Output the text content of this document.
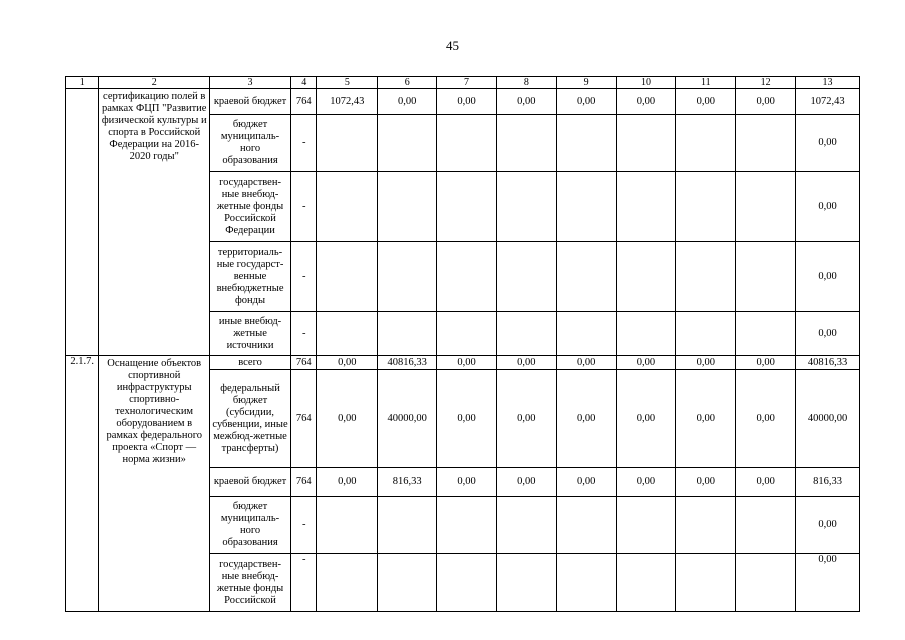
45
1	2	3	4	5	6	7	8	9	10	11	12	13
	сертификацию полей в рамках ФЦП "Развитие физической культуры и спорта в Российской Федерации на 2016-2020 годы"	краевой бюджет	764	1072,43	0,00	0,00	0,00	0,00	0,00	0,00	0,00	1072,43
		бюджет муниципаль-ного образования	-									0,00
		государствен-ные внебюд-жетные фонды Российской Федерации	-									0,00
		территориаль-ные государст-венные внебюджетные фонды	-									0,00
		иные внебюд-жетные источники	-									0,00
2.1.7.	Оснащение объектов спортивной инфраструктуры спортивно-технологическим оборудованием в рамках федерального проекта «Спорт — норма жизни»	всего	764	0,00	40816,33	0,00	0,00	0,00	0,00	0,00	0,00	40816,33
		федеральный бюджет (субсидии, субвенции, иные межбюд-жетные трансферты)	764	0,00	40000,00	0,00	0,00	0,00	0,00	0,00	0,00	40000,00
		краевой бюджет	764	0,00	816,33	0,00	0,00	0,00	0,00	0,00	0,00	816,33
		бюджет муниципаль-ного образования	-									0,00
		государствен-ные внебюд-жетные фонды Российской	-									0,00
